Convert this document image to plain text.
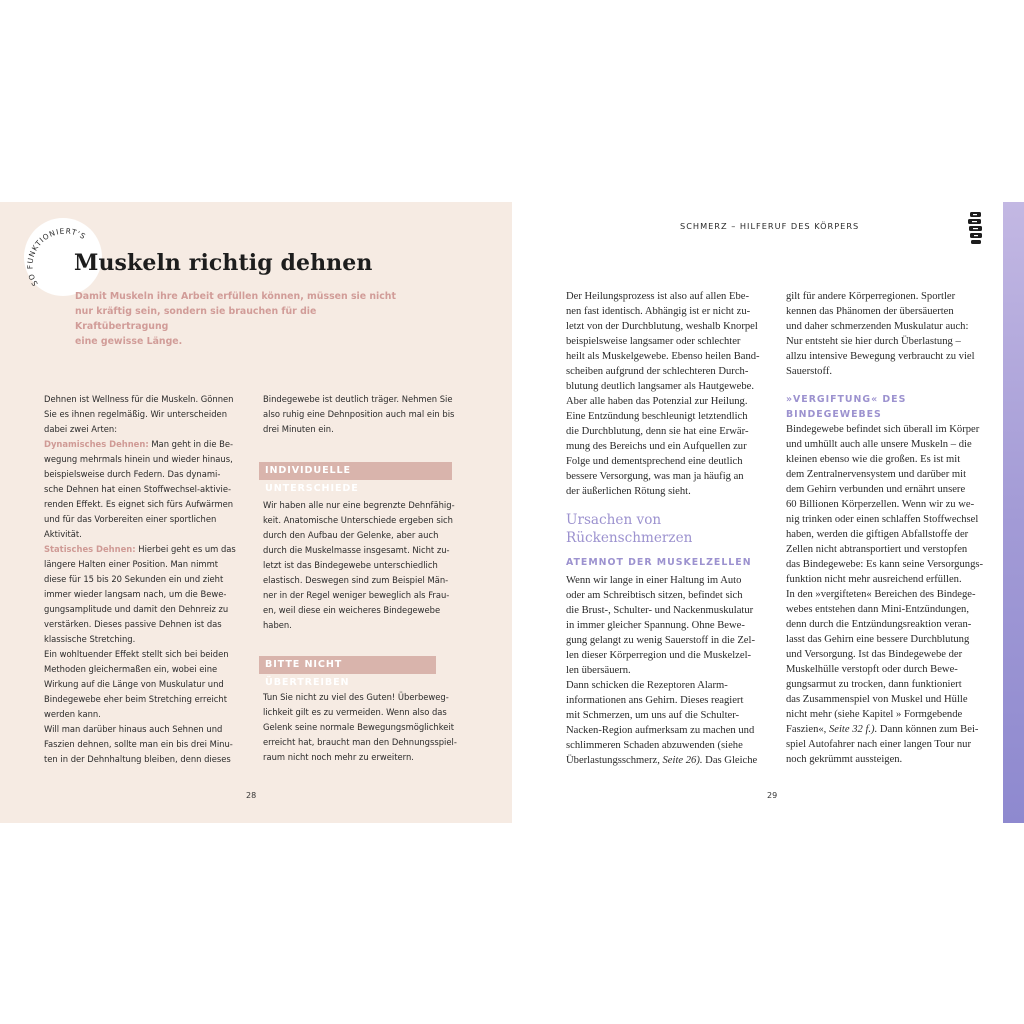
SO FUNKTIONIERT'S
Muskeln richtig dehnen
Damit Muskeln ihre Arbeit erfüllen können, müssen sie nicht
nur kräftig sein, sondern sie brauchen für die Kraftübertragung
eine gewisse Länge.
Dehnen ist Wellness für die Muskeln. Gönnen
Sie es ihnen regelmäßig. Wir unterscheiden
dabei zwei Arten:
Dynamisches Dehnen: Man geht in die Be-
wegung mehrmals hinein und wieder hinaus,
beispielsweise durch Federn. Das dynami-
sche Dehnen hat einen Stoffwechsel-aktivie-
renden Effekt. Es eignet sich fürs Aufwärmen
und für das Vorbereiten einer sportlichen
Aktivität.
Statisches Dehnen: Hierbei geht es um das
längere Halten einer Position. Man nimmt
diese für 15 bis 20 Sekunden ein und zieht
immer wieder langsam nach, um die Bewe-
gungsamplitude und damit den Dehnreiz zu
verstärken. Dieses passive Dehnen ist das
klassische Stretching.
Ein wohltuender Effekt stellt sich bei beiden
Methoden gleichermaßen ein, wobei eine
Wirkung auf die Länge von Muskulatur und
Bindegewebe eher beim Stretching erreicht
werden kann.
Will man darüber hinaus auch Sehnen und
Faszien dehnen, sollte man ein bis drei Minu-
ten in der Dehnhaltung bleiben, denn dieses
Bindegewebe ist deutlich träger. Nehmen Sie
also ruhig eine Dehnposition auch mal ein bis
drei Minuten ein.
INDIVIDUELLE UNTERSCHIEDE
Wir haben alle nur eine begrenzte Dehnfähig-
keit. Anatomische Unterschiede ergeben sich
durch den Aufbau der Gelenke, aber auch
durch die Muskelmasse insgesamt. Nicht zu-
letzt ist das Bindegewebe unterschiedlich
elastisch. Deswegen sind zum Beispiel Män-
ner in der Regel weniger beweglich als Frau-
en, weil diese ein weicheres Bindegewebe
haben.
BITTE NICHT ÜBERTREIBEN
Tun Sie nicht zu viel des Guten! Überbeweg-
lichkeit gilt es zu vermeiden. Wenn also das
Gelenk seine normale Bewegungsmöglichkeit
erreicht hat, braucht man den Dehnungsspiel-
raum nicht noch mehr zu erweitern.
28
SCHMERZ – HILFERUF DES KÖRPERS
Der Heilungsprozess ist also auf allen Ebe-
nen fast identisch. Abhängig ist er nicht zu-
letzt von der Durchblutung, weshalb Knorpel
beispielsweise langsamer oder schlechter
heilt als Muskelgewebe. Ebenso heilen Band-
scheiben aufgrund der schlechteren Durch-
blutung deutlich langsamer als Hautgewebe.
Aber alle haben das Potenzial zur Heilung.
Eine Entzündung beschleunigt letztendlich
die Durchblutung, denn sie hat eine Erwär-
mung des Bereichs und ein Aufquellen zur
Folge und dementsprechend eine deutlich
bessere Versorgung, was man ja häufig an
der äußerlichen Rötung sieht.
Ursachen von
Rückenschmerzen
ATEMNOT DER MUSKELZELLEN
Wenn wir lange in einer Haltung im Auto
oder am Schreibtisch sitzen, befindet sich
die Brust-, Schulter- und Nackenmuskulatur
in immer gleicher Spannung. Ohne Bewe-
gung gelangt zu wenig Sauerstoff in die Zel-
len dieser Körperregion und die Muskelzel-
len übersäuern.
Dann schicken die Rezeptoren Alarm-
informationen ans Gehirn. Dieses reagiert
mit Schmerzen, um uns auf die Schulter-
Nacken-Region aufmerksam zu machen und
schlimmeren Schaden abzuwenden (siehe
Überlastungsschmerz, Seite 26). Das Gleiche
gilt für andere Körperregionen. Sportler
kennen das Phänomen der übersäuerten
und daher schmerzenden Muskulatur auch:
Nur entsteht sie hier durch Überlastung –
allzu intensive Bewegung verbraucht zu viel
Sauerstoff.
»VERGIFTUNG« DES
BINDEGEWEBES
Bindegewebe befindet sich überall im Körper
und umhüllt auch alle unsere Muskeln – die
kleinen ebenso wie die großen. Es ist mit
dem Zentralnervensystem und darüber mit
dem Gehirn verbunden und ernährt unsere
60 Billionen Körperzellen. Wenn wir zu we-
nig trinken oder einen schlaffen Stoffwechsel
haben, werden die giftigen Abfallstoffe der
Zellen nicht abtransportiert und verstopfen
das Bindegewebe: Es kann seine Versorgungs-
funktion nicht mehr ausreichend erfüllen.
In den »vergifteten« Bereichen des Bindege-
webes entstehen dann Mini-Entzündungen,
denn durch die Entzündungsreaktion veran-
lasst das Gehirn eine bessere Durchblutung
und Versorgung. Ist das Bindegewebe der
Muskelhülle verstopft oder durch Bewe-
gungsarmut zu trocken, dann funktioniert
das Zusammenspiel von Muskel und Hülle
nicht mehr (siehe Kapitel » Formgebende
Faszien«, Seite 32 f.). Dann können zum Bei-
spiel Autofahrer nach einer langen Tour nur
noch gekrümmt aussteigen.
29
